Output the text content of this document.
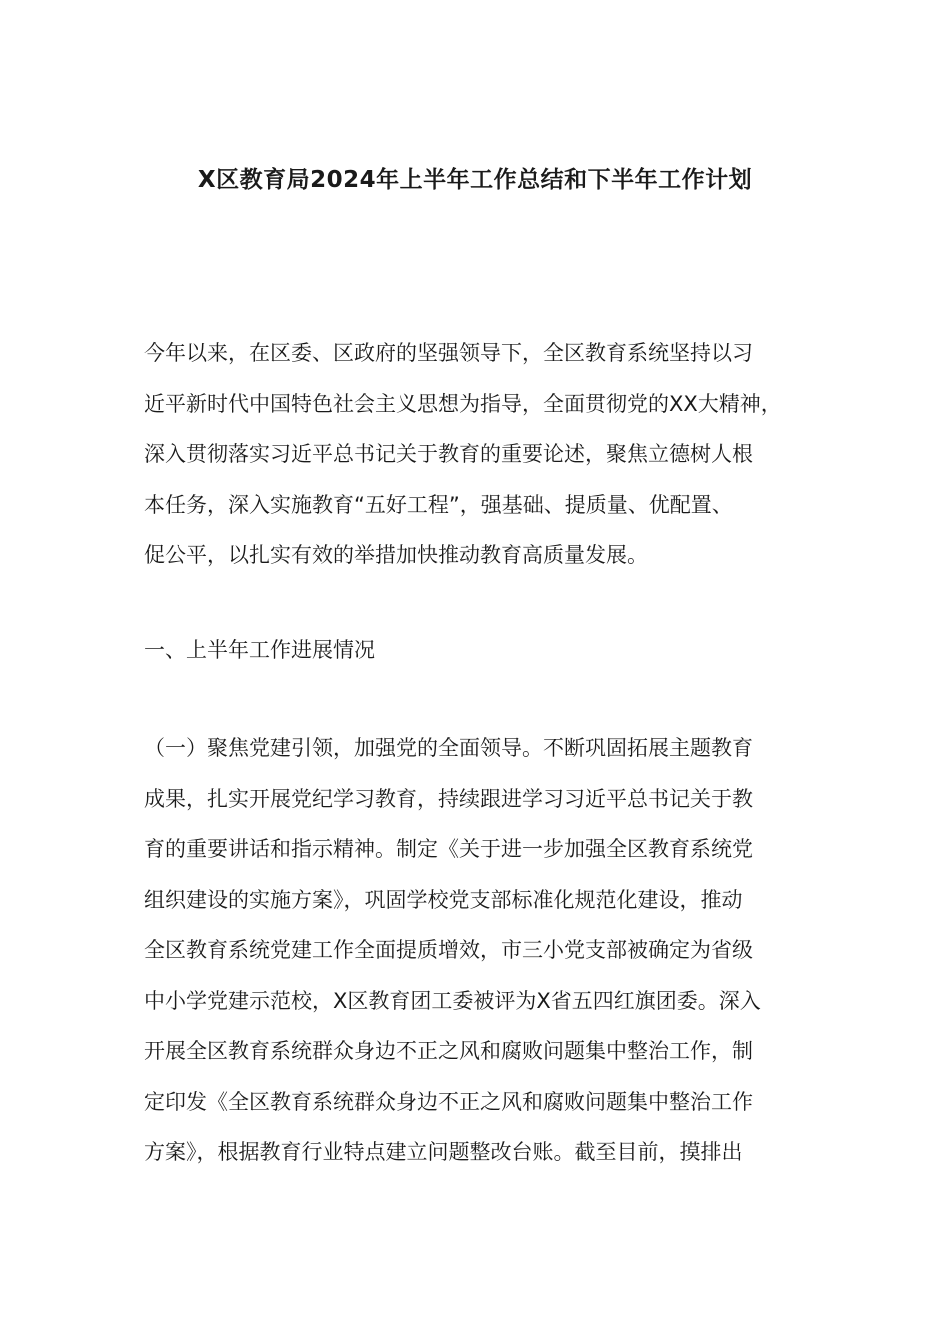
X区教育局2024年上半年工作总结和下半年工作计划

今年以来，在区委、区政府的坚强领导下，全区教育系统坚持以习
近平新时代中国特色社会主义思想为指导，全面贯彻党的XX大精神，
深入贯彻落实习近平总书记关于教育的重要论述，聚焦立德树人根
本任务，深入实施教育“五好工程”，强基础、提质量、优配置、
促公平，以扎实有效的举措加快推动教育高质量发展。

一、上半年工作进展情况

（一）聚焦党建引领，加强党的全面领导。不断巩固拓展主题教育
成果，扎实开展党纪学习教育，持续跟进学习习近平总书记关于教
育的重要讲话和指示精神。制定《关于进一步加强全区教育系统党
组织建设的实施方案》，巩固学校党支部标准化规范化建设，推动
全区教育系统党建工作全面提质增效，市三小党支部被确定为省级
中小学党建示范校，X区教育团工委被评为X省五四红旗团委。深入
开展全区教育系统群众身边不正之风和腐败问题集中整治工作，制
定印发《全区教育系统群众身边不正之风和腐败问题集中整治工作
方案》，根据教育行业特点建立问题整改台账。截至目前，摸排出
